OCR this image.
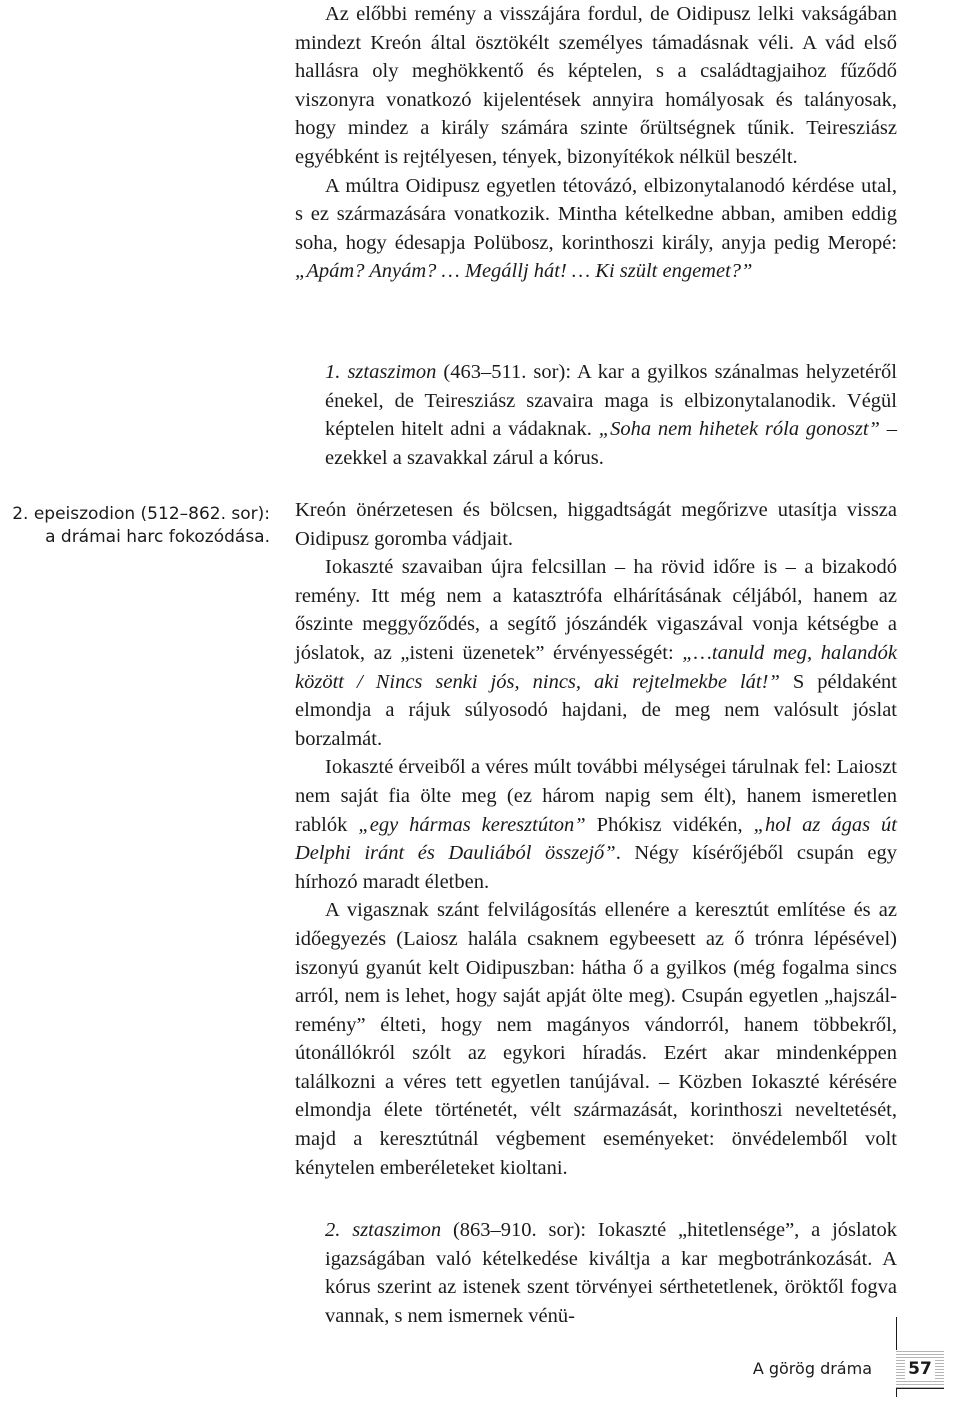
Az előbbi remény a visszájára fordul, de Oidipusz lelki vakságában mindezt Kreón által ösztökélt személyes támadásnak véli. A vád első hallásra oly meghökkentő és képtelen, s a családtagjaihoz fűződő viszonyra vonatkozó kijelentések annyira homályosak és talányosak, hogy mindez a király számára szinte őrültségnek tűnik. Teiresziász egyébként is rejtélyesen, tények, bizonyítékok nélkül beszélt.

A múltra Oidipusz egyetlen tétovázó, elbizonytalanodó kérdése utal, s ez származására vonatkozik. Mintha kételkedne abban, amiben eddig soha, hogy édesapja Polübosz, korinthoszi király, anyja pedig Meropé: „Apám? Anyám? … Megállj hát! … Ki szült engemet?”

1. sztaszimon (463–511. sor): A kar a gyilkos szánalmas helyzetéről énekel, de Teiresziász szavaira maga is elbizonytalanodik. Végül képtelen hitelt adni a vádaknak. „Soha nem hihetek róla gonoszt” – ezekkel a szavakkal zárul a kórus.

Kreón önérzetesen és bölcsen, higgadtságát megőrizve utasítja vissza Oidipusz goromba vádjait.

Iokaszté szavaiban újra felcsillan – ha rövid időre is – a bizakodó remény. Itt még nem a katasztrófa elhárításának céljából, hanem az őszinte meggyőződés, a segítő jószándék vigaszával vonja kétségbe a jóslatok, az „isteni üzenetek” érvényességét: „…tanuld meg, halandók között / Nincs senki jós, nincs, aki rejtelmekbe lát!” S példaként elmondja a rájuk súlyosodó hajdani, de meg nem valósult jóslat borzalmát.

Iokaszté érveiből a véres múlt további mélységei tárulnak fel: Laioszt nem saját fia ölte meg (ez három napig sem élt), hanem ismeretlen rablók „egy hármas keresztúton” Phókisz vidékén, „hol az ágas út Delphi iránt és Dauliából összejő”. Négy kísérőjéből csupán egy hírhozó maradt életben.

A vigasznak szánt felvilágosítás ellenére a keresztút említése és az időegyezés (Laiosz halála csaknem egybeesett az ő trónra lépésével) iszonyú gyanút kelt Oidipuszban: hátha ő a gyilkos (még fogalma sincs arról, nem is lehet, hogy saját apját ölte meg). Csupán egyetlen „hajszál-remény” élteti, hogy nem magányos vándorról, hanem többekről, útonállókról szólt az egykori híradás. Ezért akar mindenképpen találkozni a véres tett egyetlen tanújával. – Közben Iokaszté kérésére elmondja élete történetét, vélt származását, korinthoszi neveltetését, majd a keresztútnál végbement eseményeket: önvédelemből volt kénytelen emberéleteket kioltani.

2. sztaszimon (863–910. sor): Iokaszté „hitetlensége”, a jóslatok igazságában való kételkedése kiváltja a kar megbotránkozását. A kórus szerint az istenek szent törvényei sérthetetlenek, öröktől fogva vannak, s nem ismernek vénü-

2. epeiszodion (512–862. sor):
a drámai harc fokozódása.
A görög dráma 57
